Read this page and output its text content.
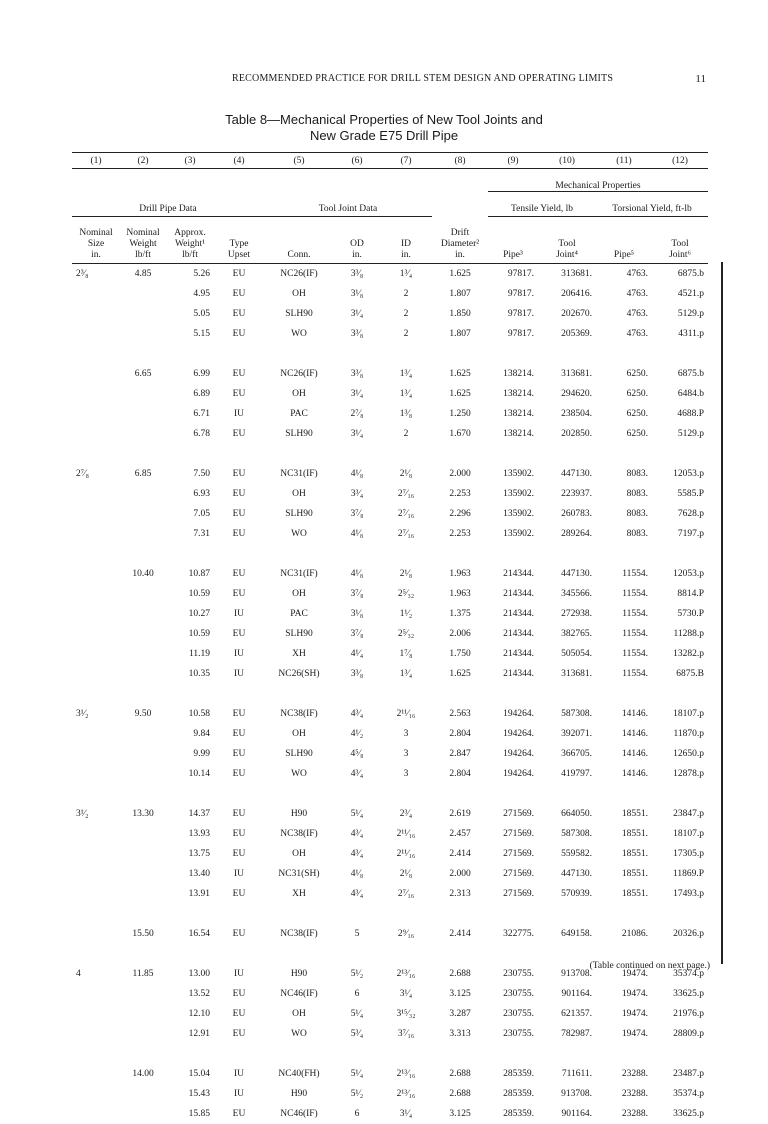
RECOMMENDED PRACTICE FOR DRILL STEM DESIGN AND OPERATING LIMITS	11
Table 8—Mechanical Properties of New Tool Joints and
New Grade E75 Drill Pipe
(1)	(2)	(3)	(4)	(5)	(6)	(7)	(8)	(9)	(10)	(11)	(12)
								Mechanical Properties			
Drill Pipe Data				Tool Joint Data				Tensile Yield, lb		Torsional Yield, ft-lb	

Nominal
Size
in.	Nominal
Weight
lb/ft	Approx.
Weight¹
lb/ft	Type
Upset	Conn.	OD
in.	ID
in.	Drift
Diameter²
in.	Pipe³	Tool
Joint⁴	Pipe⁵	Tool
Joint⁶

2³⁄₈	4.85	5.26	EU	NC26(IF)	3³⁄₈	1³⁄₄	1.625	97817.	313681.	4763.	6875.b
		4.95	EU	OH	3¹⁄₈	2	1.807	97817.	206416.	4763.	4521.p
		5.05	EU	SLH90	3¹⁄₄	2	1.850	97817.	202670.	4763.	5129.p
		5.15	EU	WO	3³⁄₈	2	1.807	97817.	205369.	4763.	4311.p

	6.65	6.99	EU	NC26(IF)	3³⁄₈	1³⁄₄	1.625	138214.	313681.	6250.	6875.b
		6.89	EU	OH	3¹⁄₄	1³⁄₄	1.625	138214.	294620.	6250.	6484.b
		6.71	IU	PAC	2⁷⁄₈	1³⁄₈	1.250	138214.	238504.	6250.	4688.P
		6.78	EU	SLH90	3¹⁄₄	2	1.670	138214.	202850.	6250.	5129.p

2⁷⁄₈	6.85	7.50	EU	NC31(IF)	4¹⁄₈	2¹⁄₈	2.000	135902.	447130.	8083.	12053.p
		6.93	EU	OH	3³⁄₄	2⁷⁄₁₆	2.253	135902.	223937.	8083.	5585.P
		7.05	EU	SLH90	3⁷⁄₈	2⁷⁄₁₆	2.296	135902.	260783.	8083.	7628.p
		7.31	EU	WO	4¹⁄₈	2⁷⁄₁₆	2.253	135902.	289264.	8083.	7197.p

	10.40	10.87	EU	NC31(IF)	4¹⁄₈	2¹⁄₈	1.963	214344.	447130.	11554.	12053.p
		10.59	EU	OH	3⁷⁄₈	2⁵⁄₃₂	1.963	214344.	345566.	11554.	8814.P
		10.27	IU	PAC	3¹⁄₈	1¹⁄₂	1.375	214344.	272938.	11554.	5730.P
		10.59	EU	SLH90	3⁷⁄₈	2⁵⁄₃₂	2.006	214344.	382765.	11554.	11288.p
		11.19	IU	XH	4¹⁄₄	1⁷⁄₈	1.750	214344.	505054.	11554.	13282.p
		10.35	IU	NC26(SH)	3³⁄₈	1³⁄₄	1.625	214344.	313681.	11554.	6875.B

3¹⁄₂	9.50	10.58	EU	NC38(IF)	4³⁄₄	2¹¹⁄₁₆	2.563	194264.	587308.	14146.	18107.p
		9.84	EU	OH	4¹⁄₂	3	2.804	194264.	392071.	14146.	11870.p
		9.99	EU	SLH90	4⁵⁄₈	3	2.847	194264.	366705.	14146.	12650.p
		10.14	EU	WO	4³⁄₄	3	2.804	194264.	419797.	14146.	12878.p

3¹⁄₂	13.30	14.37	EU	H90	5¹⁄₄	2³⁄₄	2.619	271569.	664050.	18551.	23847.p
		13.93	EU	NC38(IF)	4³⁄₄	2¹¹⁄₁₆	2.457	271569.	587308.	18551.	18107.p
		13.75	EU	OH	4³⁄₄	2¹¹⁄₁₆	2.414	271569.	559582.	18551.	17305.p
		13.40	IU	NC31(SH)	4¹⁄₈	2¹⁄₈	2.000	271569.	447130.	18551.	11869.P
		13.91	EU	XH	4³⁄₄	2⁷⁄₁₆	2.313	271569.	570939.	18551.	17493.p

	15.50	16.54	EU	NC38(IF)	5	2⁹⁄₁₆	2.414	322775.	649158.	21086.	20326.p

4	11.85	13.00	IU	H90	5¹⁄₂	2¹³⁄₁₆	2.688	230755.	913708.	19474.	35374.p
		13.52	EU	NC46(IF)	6	3¹⁄₄	3.125	230755.	901164.	19474.	33625.p
		12.10	EU	OH	5¹⁄₄	3¹⁵⁄₃₂	3.287	230755.	621357.	19474.	21976.p
		12.91	EU	WO	5³⁄₄	3⁷⁄₁₆	3.313	230755.	782987.	19474.	28809.p

	14.00	15.04	IU	NC40(FH)	5¹⁄₄	2¹³⁄₁₆	2.688	285359.	711611.	23288.	23487.p
		15.43	IU	H90	5¹⁄₂	2¹³⁄₁₆	2.688	285359.	913708.	23288.	35374.p
		15.85	EU	NC46(IF)	6	3¹⁄₄	3.125	285359.	901164.	23288.	33625.p
(Table continued on next page.)
